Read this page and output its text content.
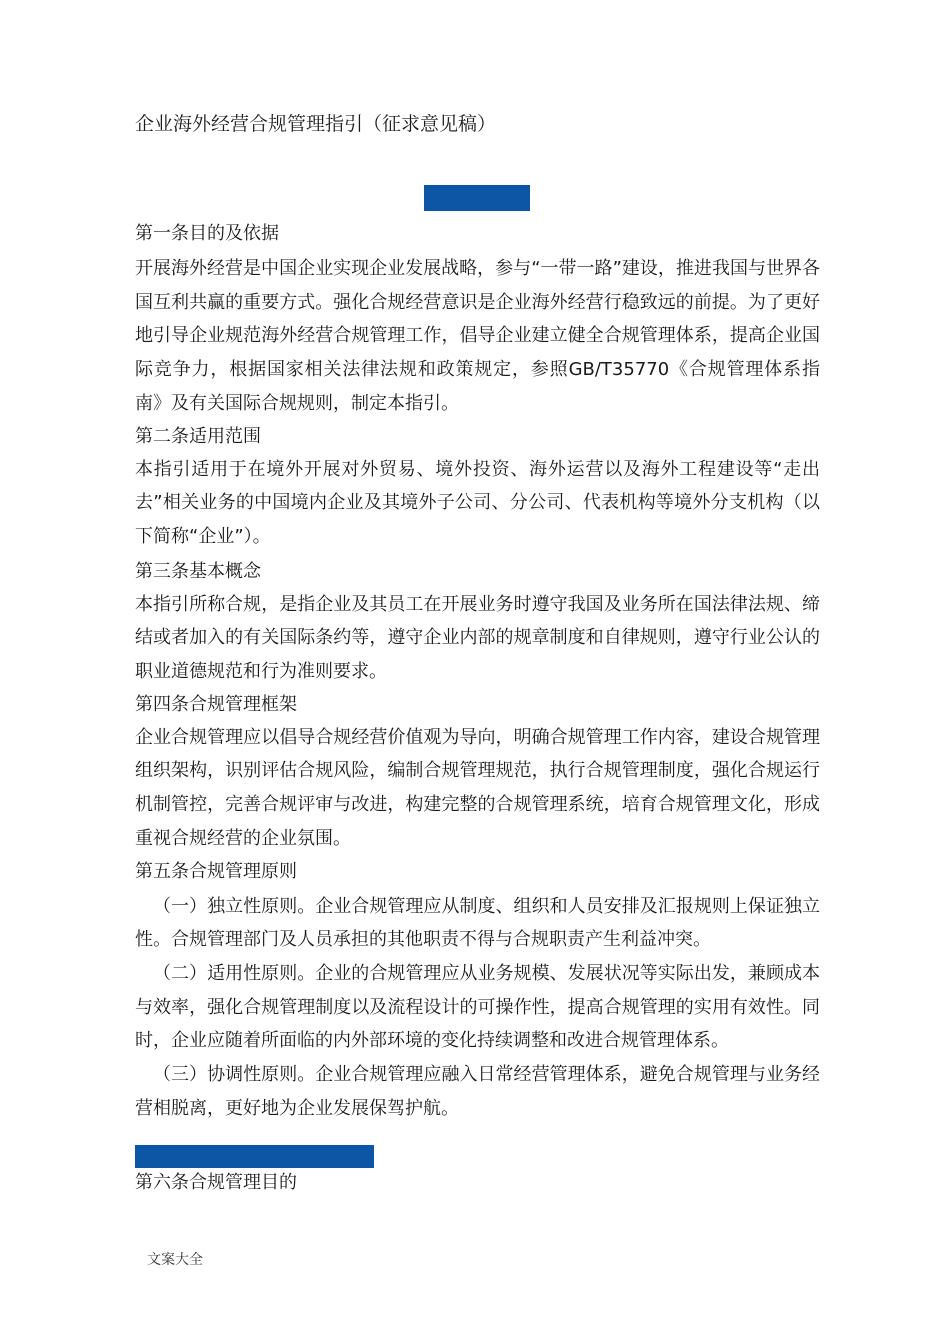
企业海外经营合规管理指引（征求意见稿）
第一条目的及依据

开展海外经营是中国企业实现企业发展战略，参与“一带一路”建设，推进我国与世界各国互利共赢的重要方式。强化合规经营意识是企业海外经营行稳致远的前提。为了更好地引导企业规范海外经营合规管理工作，倡导企业建立健全合规管理体系，提高企业国际竞争力，根据国家相关法律法规和政策规定，参照GB/T35770《合规管理体系指南》及有关国际合规规则，制定本指引。

第二条适用范围

本指引适用于在境外开展对外贸易、境外投资、海外运营以及海外工程建设等“走出去”相关业务的中国境内企业及其境外子公司、分公司、代表机构等境外分支机构（以下简称“企业”）。

第三条基本概念

本指引所称合规，是指企业及其员工在开展业务时遵守我国及业务所在国法律法规、缔结或者加入的有关国际条约等，遵守企业内部的规章制度和自律规则，遵守行业公认的职业道德规范和行为准则要求。

第四条合规管理框架

企业合规管理应以倡导合规经营价值观为导向，明确合规管理工作内容，建设合规管理组织架构，识别评估合规风险，编制合规管理规范，执行合规管理制度，强化合规运行机制管控，完善合规评审与改进，构建完整的合规管理系统，培育合规管理文化，形成重视合规经营的企业氛围。

第五条合规管理原则

（一）独立性原则。企业合规管理应从制度、组织和人员安排及汇报规则上保证独立性。合规管理部门及人员承担的其他职责不得与合规职责产生利益冲突。

（二）适用性原则。企业的合规管理应从业务规模、发展状况等实际出发，兼顾成本与效率，强化合规管理制度以及流程设计的可操作性，提高合规管理的实用有效性。同时，企业应随着所面临的内外部环境的变化持续调整和改进合规管理体系。

（三）协调性原则。企业合规管理应融入日常经营管理体系，避免合规管理与业务经营相脱离，更好地为企业发展保驾护航。

第六条合规管理目的
文案大全
